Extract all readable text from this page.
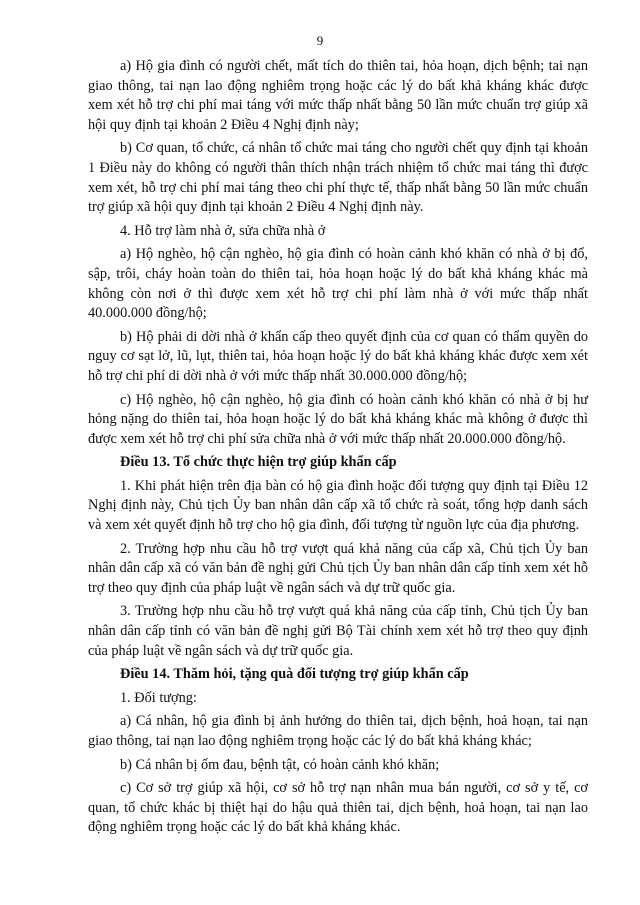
9

a) Hộ gia đình có người chết, mất tích do thiên tai, hỏa hoạn, dịch bệnh; tai nạn giao thông, tai nạn lao động nghiêm trọng hoặc các lý do bất khả kháng khác được xem xét hỗ trợ chi phí mai táng với mức thấp nhất bằng 50 lần mức chuẩn trợ giúp xã hội quy định tại khoản 2 Điều 4 Nghị định này;

b) Cơ quan, tổ chức, cá nhân tổ chức mai táng cho người chết quy định tại khoản 1 Điều này do không có người thân thích nhận trách nhiệm tổ chức mai táng thì được xem xét, hỗ trợ chi phí mai táng theo chi phí thực tế, thấp nhất bằng 50 lần mức chuẩn trợ giúp xã hội quy định tại khoản 2 Điều 4 Nghị định này.

4. Hỗ trợ làm nhà ở, sửa chữa nhà ở

a) Hộ nghèo, hộ cận nghèo, hộ gia đình có hoàn cảnh khó khăn có nhà ở bị đổ, sập, trôi, cháy hoàn toàn do thiên tai, hỏa hoạn hoặc lý do bất khả kháng khác mà không còn nơi ở thì được xem xét hỗ trợ chi phí làm nhà ở với mức thấp nhất 40.000.000 đồng/hộ;

b) Hộ phải di dời nhà ở khẩn cấp theo quyết định của cơ quan có thẩm quyền do nguy cơ sạt lở, lũ, lụt, thiên tai, hỏa hoạn hoặc lý do bất khả kháng khác được xem xét hỗ trợ chi phí di dời nhà ở với mức thấp nhất 30.000.000 đồng/hộ;

c) Hộ nghèo, hộ cận nghèo, hộ gia đình có hoàn cảnh khó khăn có nhà ở bị hư hỏng nặng do thiên tai, hỏa hoạn hoặc lý do bất khả kháng khác mà không ở được thì được xem xét hỗ trợ chi phí sửa chữa nhà ở với mức thấp nhất 20.000.000 đồng/hộ.

Điều 13. Tổ chức thực hiện trợ giúp khẩn cấp

1. Khi phát hiện trên địa bàn có hộ gia đình hoặc đối tượng quy định tại Điều 12 Nghị định này, Chủ tịch Ủy ban nhân dân cấp xã tổ chức rà soát, tổng hợp danh sách và xem xét quyết định hỗ trợ cho hộ gia đình, đối tượng từ nguồn lực của địa phương.

2. Trường hợp nhu cầu hỗ trợ vượt quá khả năng của cấp xã, Chủ tịch Ủy ban nhân dân cấp xã có văn bản đề nghị gửi Chủ tịch Ủy ban nhân dân cấp tỉnh xem xét hỗ trợ theo quy định của pháp luật về ngân sách và dự trữ quốc gia.

3. Trường hợp nhu cầu hỗ trợ vượt quá khả năng của cấp tỉnh, Chủ tịch Ủy ban nhân dân cấp tỉnh có văn bản đề nghị gửi Bộ Tài chính xem xét hỗ trợ theo quy định của pháp luật về ngân sách và dự trữ quốc gia.

Điều 14. Thăm hỏi, tặng quà đối tượng trợ giúp khẩn cấp

1. Đối tượng:

a) Cá nhân, hộ gia đình bị ảnh hưởng do thiên tai, dịch bệnh, hoả hoạn, tai nạn giao thông, tai nạn lao động nghiêm trọng hoặc các lý do bất khả kháng khác;

b) Cá nhân bị ốm đau, bệnh tật, có hoàn cảnh khó khăn;

c) Cơ sở trợ giúp xã hội, cơ sở hỗ trợ nạn nhân mua bán người, cơ sở y tế, cơ quan, tổ chức khác bị thiệt hại do hậu quả thiên tai, dịch bệnh, hoả hoạn, tai nạn lao động nghiêm trọng hoặc các lý do bất khả kháng khác.
